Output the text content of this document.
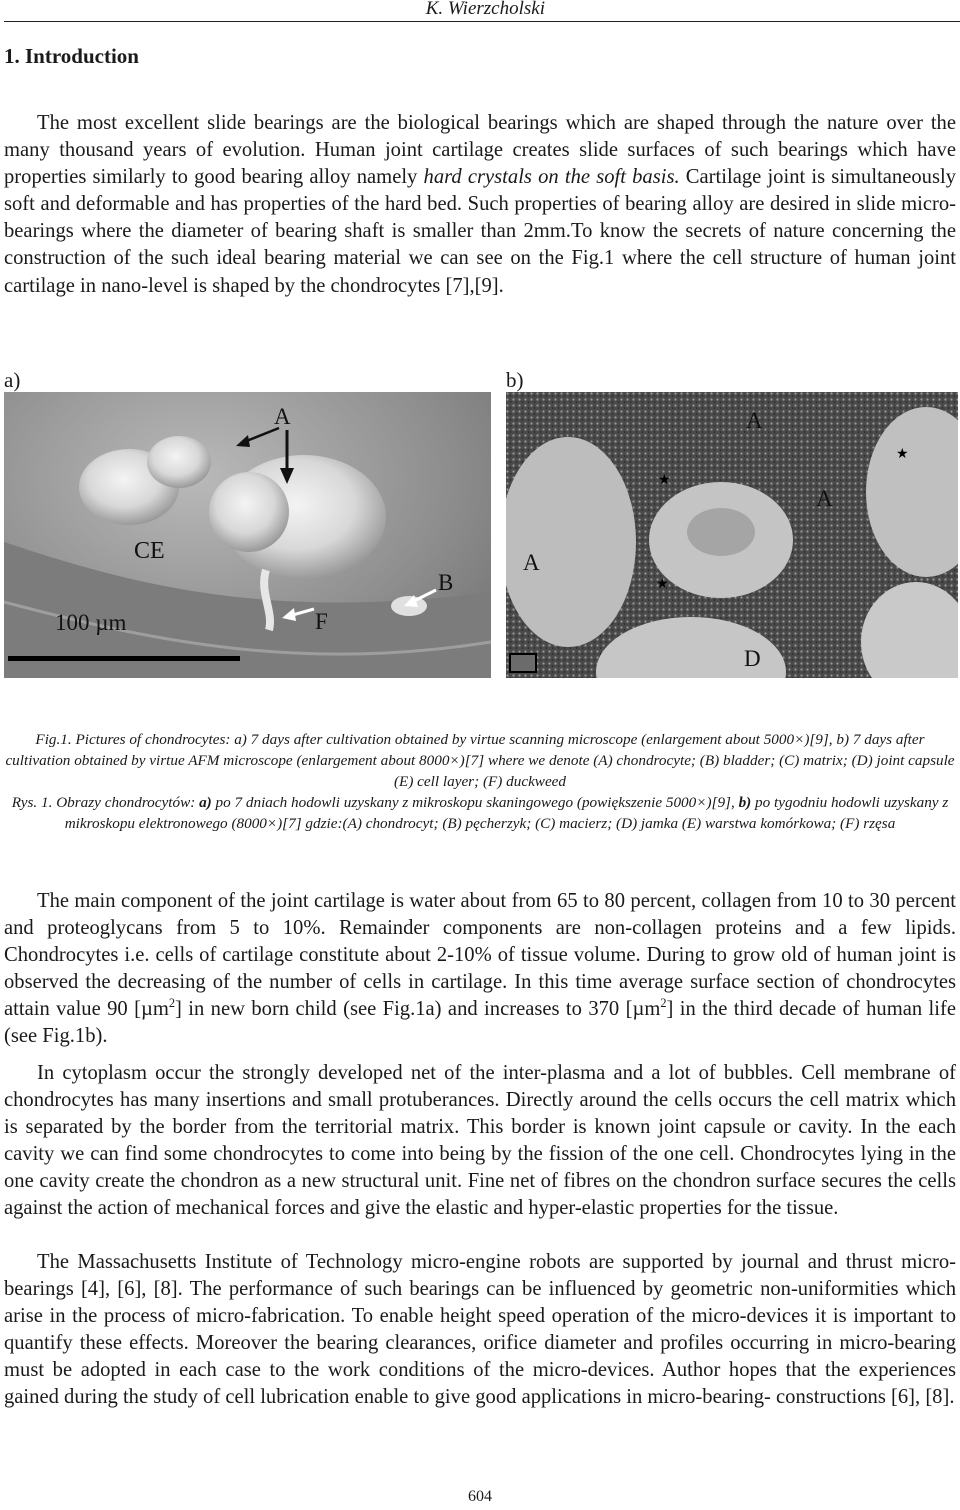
K. Wierzcholski
1. Introduction

The most excellent slide bearings are the biological bearings which are shaped through the nature over the many thousand years of evolution. Human joint cartilage creates slide surfaces of such bearings which have properties similarly to good bearing alloy namely hard crystals on the soft basis. Cartilage joint is simultaneously soft and deformable and has properties of the hard bed. Such properties of bearing alloy are desired in slide micro-bearings where the diameter of bearing shaft is smaller than 2mm.To know the secrets of nature concerning the construction of the such ideal bearing material we can see on the Fig.1 where the cell structure of human joint cartilage in nano-level is shaped by the chondrocytes [7],[9].

a)	b)
A
CE
B
F
100 µm
★
★
★
A
A
A
D

Fig.1. Pictures of chondrocytes: a) 7 days after cultivation obtained by virtue scanning microscope (enlargement about 5000×)[9], b) 7 days after cultivation obtained by virtue AFM microscope (enlargement about 8000×)[7] where we denote (A) chondrocyte; (B) bladder; (C) matrix; (D) joint capsule (E) cell layer; (F) duckweed

Rys. 1. Obrazy chondrocytów: a) po 7 dniach hodowli uzyskany z mikroskopu skaningowego (powiększenie 5000×)[9], b) po tygodniu hodowli uzyskany z mikroskopu elektronowego (8000×)[7] gdzie:(A) chondrocyt; (B) pęcherzyk; (C) macierz; (D) jamka (E) warstwa komórkowa; (F) rzęsa

The main component of the joint cartilage is water about from 65 to 80 percent, collagen from 10 to 30 percent and proteoglycans from 5 to 10%. Remainder components are non-collagen proteins and a few lipids. Chondrocytes i.e. cells of cartilage constitute about 2-10% of tissue volume. During to grow old of human joint is observed the decreasing of the number of cells in cartilage. In this time average surface section of chondrocytes attain value 90 [µm$^2$] in new born child (see Fig.1a) and increases to 370 [µm$^2$] in the third decade of human life (see Fig.1b).

In cytoplasm occur the strongly developed net of the inter-plasma and a lot of bubbles. Cell membrane of chondrocytes has many insertions and small protuberances. Directly around the cells occurs the cell matrix which is separated by the border from the territorial matrix. This border is known joint capsule or cavity. In the each cavity we can find some chondrocytes to come into being by the fission of the one cell. Chondrocytes lying in the one cavity create the chondron as a new structural unit. Fine net of fibres on the chondron surface secures the cells against the action of mechanical forces and give the elastic and hyper-elastic properties for the tissue.

The Massachusetts Institute of Technology micro-engine robots are supported by journal and thrust micro-bearings [4], [6], [8]. The performance of such bearings can be influenced by geometric non-uniformities which arise in the process of micro-fabrication. To enable height speed operation of the micro-devices it is important to quantify these effects. Moreover the bearing clearances, orifice diameter and profiles occurring in micro-bearing must be adopted in each case to the work conditions of the micro-devices. Author hopes that the experiences gained during the study of cell lubrication enable to give good applications in micro-bearing- constructions [6], [8].

604
